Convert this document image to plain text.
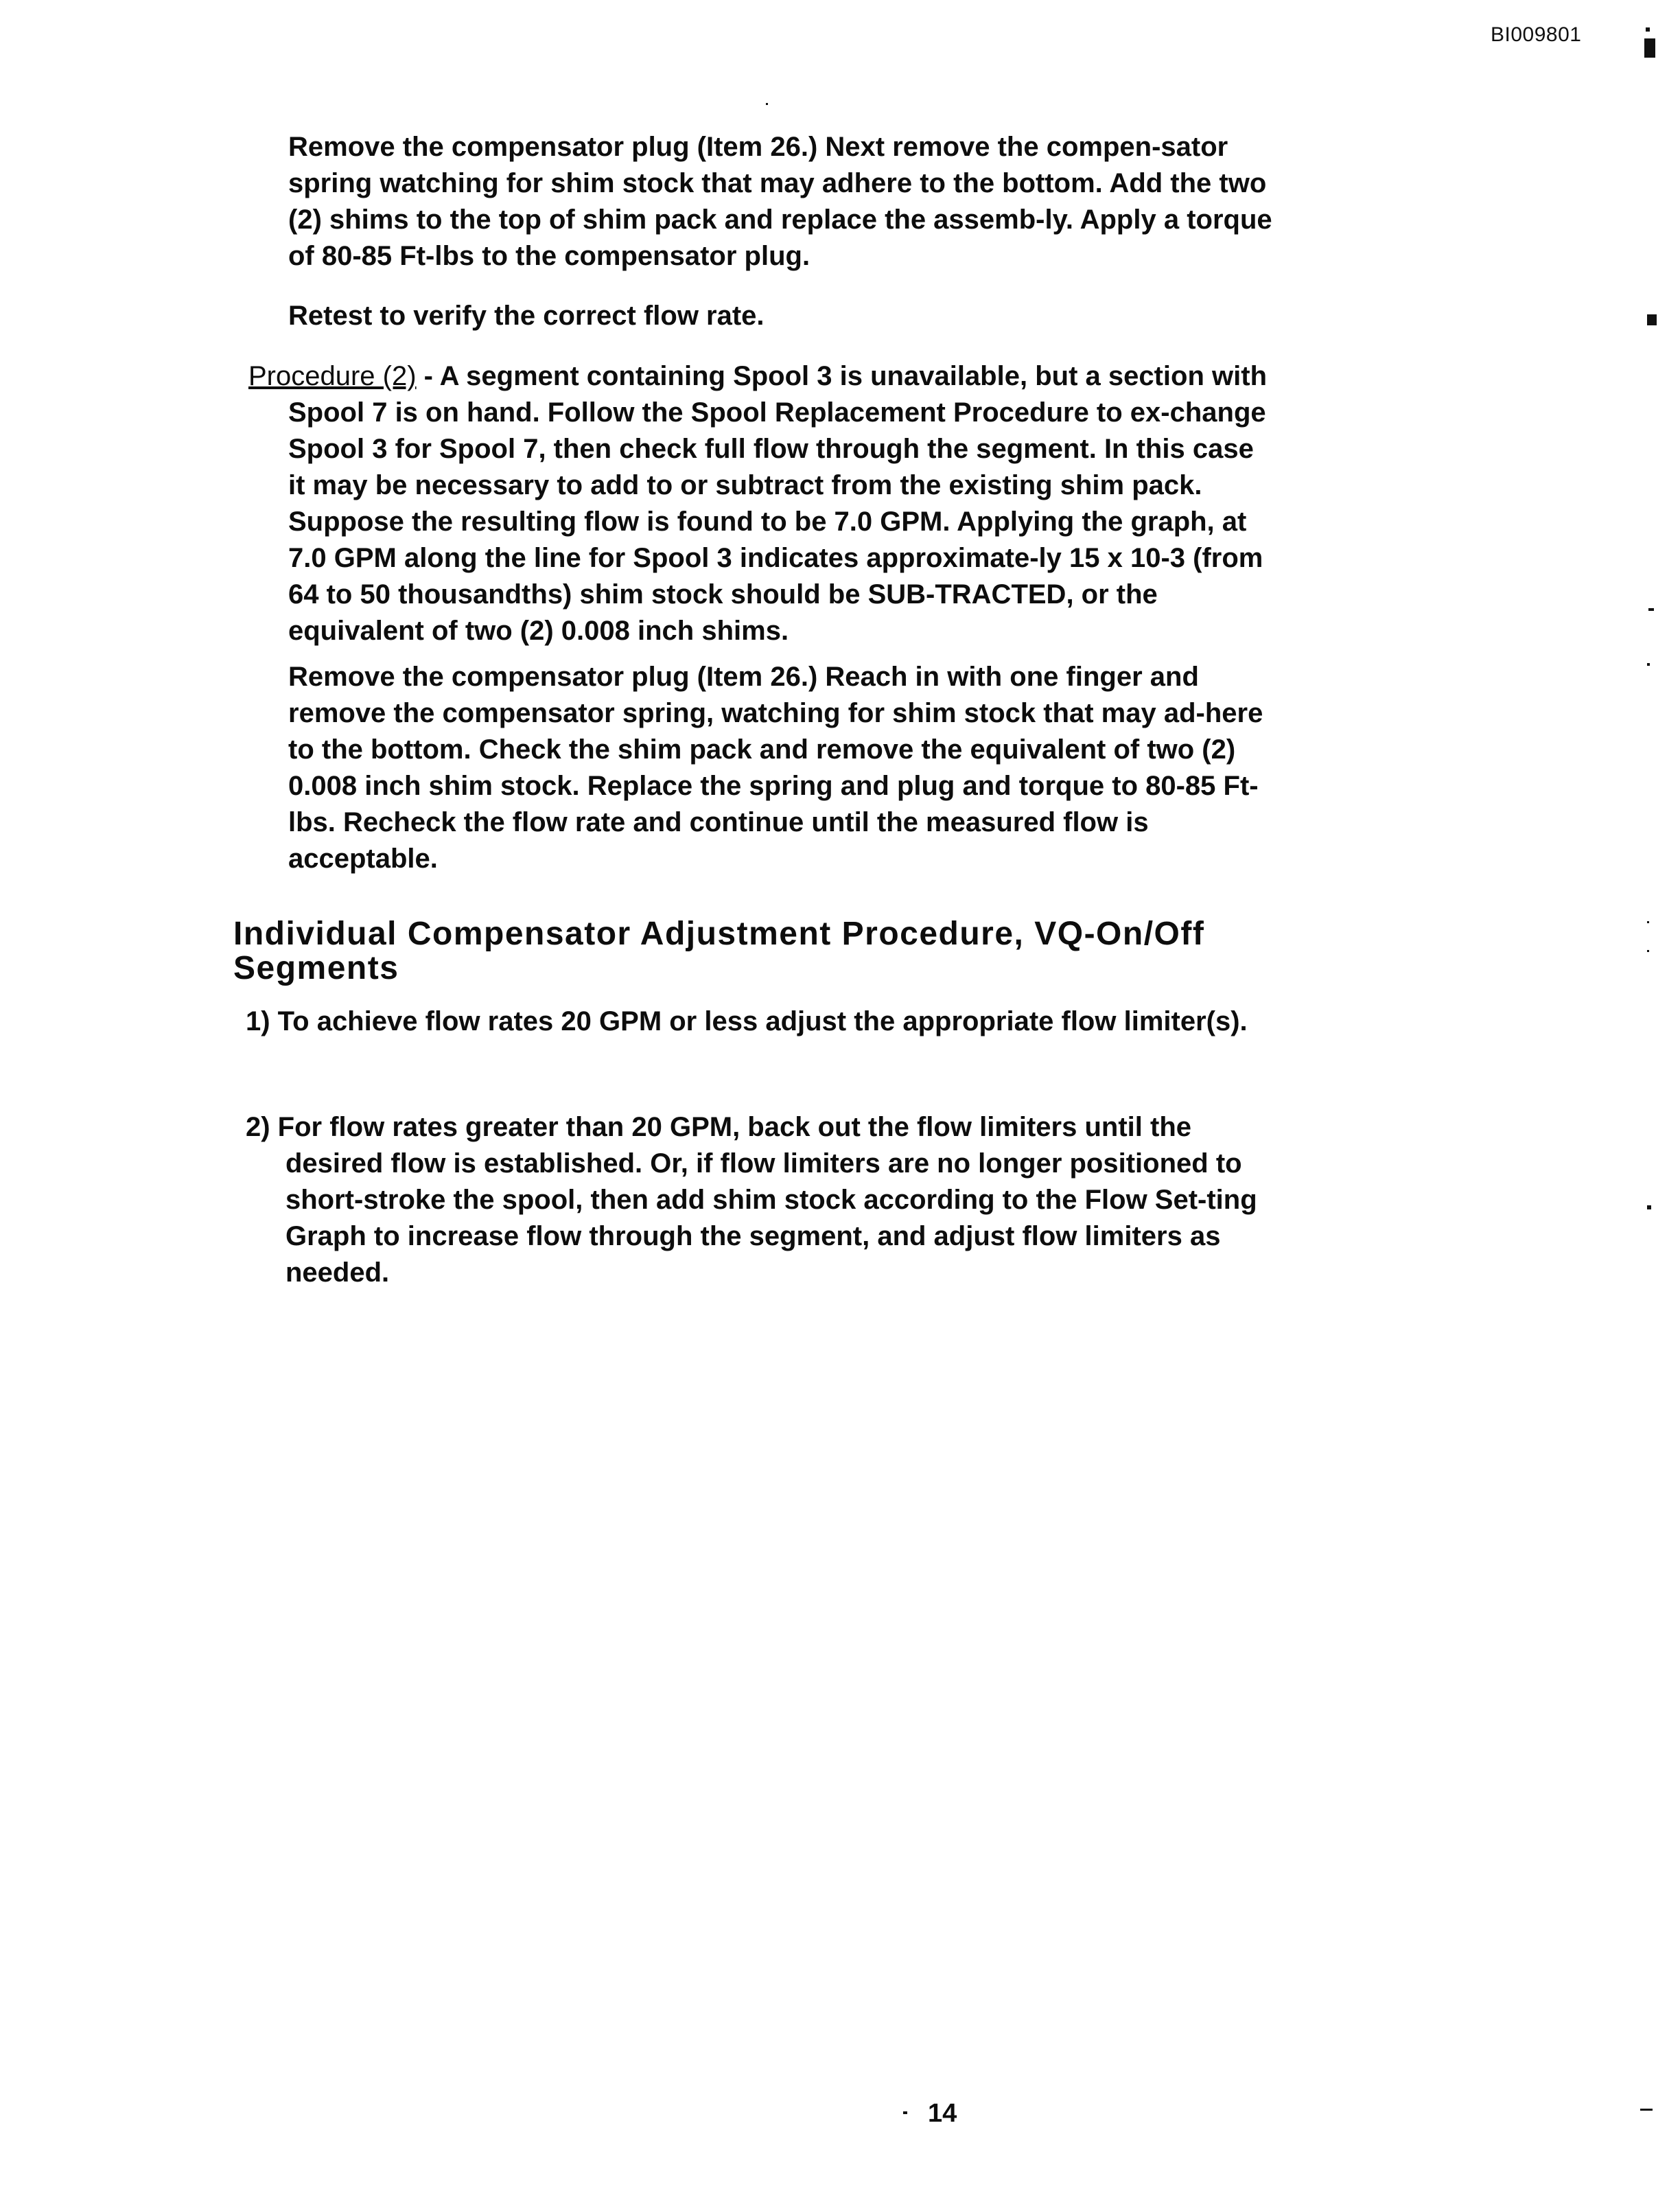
BI009801

Remove the compensator plug (Item 26.) Next remove the compen-sator spring watching for shim stock that may adhere to the bottom. Add the two (2) shims to the top of shim pack and replace the assemb-ly. Apply a torque of 80-85 Ft-lbs to the compensator plug.

Retest to verify the correct flow rate.

Procedure (2) - A segment containing Spool 3 is unavailable, but a section with Spool 7 is on hand. Follow the Spool Replacement Procedure to ex-change Spool 3 for Spool 7, then check full flow through the segment. In this case it may be necessary to add to or subtract from the existing shim pack. Suppose the resulting flow is found to be 7.0 GPM. Applying the graph, at 7.0 GPM along the line for Spool 3 indicates approximate-ly 15 x 10-3 (from 64 to 50 thousandths) shim stock should be SUB-TRACTED, or the equivalent of two (2) 0.008 inch shims.

Remove the compensator plug (Item 26.) Reach in with one finger and remove the compensator spring, watching for shim stock that may ad-here to the bottom. Check the shim pack and remove the equivalent of two (2) 0.008 inch shim stock. Replace the spring and plug and torque to 80-85 Ft-lbs. Recheck the flow rate and continue until the measured flow is acceptable.

Individual Compensator Adjustment Procedure, VQ-On/Off Segments

1) To achieve flow rates 20 GPM or less adjust the appropriate flow limiter(s).

2) For flow rates greater than 20 GPM, back out the flow limiters until the desired flow is established. Or, if flow limiters are no longer positioned to short-stroke the spool, then add shim stock according to the Flow Set-ting Graph to increase flow through the segment, and adjust flow limiters as needed.

14
